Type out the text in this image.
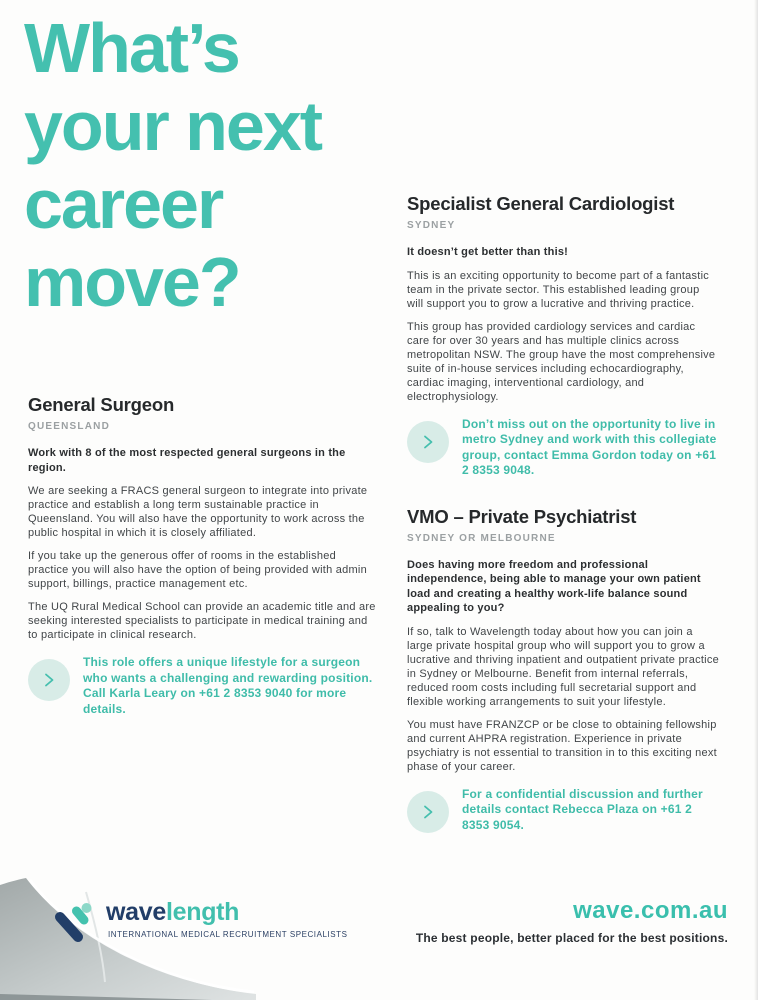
What’s
your next
career
move?
General Surgeon
QUEENSLAND
Work with 8 of the most respected general surgeons in the region.

We are seeking a FRACS general surgeon to integrate into private practice and establish a long term sustainable practice in Queensland. You will also have the opportunity to work across the public hospital in which it is closely affiliated.

If you take up the generous offer of rooms in the established practice you will also have the option of being provided with admin support, billings, practice management etc.

The UQ Rural Medical School can provide an academic title and are seeking interested specialists to participate in medical training and to participate in clinical research.

This role offers a unique lifestyle for a surgeon who wants a challenging and rewarding position. Call Karla Leary on +61 2 8353 9040 for more details.

Specialist General Cardiologist
SYDNEY
It doesn’t get better than this!

This is an exciting opportunity to become part of a fantastic team in the private sector. This established leading group will support you to grow a lucrative and thriving practice.

This group has provided cardiology services and cardiac care for over 30 years and has multiple clinics across metropolitan NSW. The group have the most comprehensive suite of in-house services including echocardiography, cardiac imaging, interventional cardiology, and electrophysiology.

Don’t miss out on the opportunity to live in metro Sydney and work with this collegiate group, contact Emma Gordon today on +61 2 8353 9048.

VMO – Private Psychiatrist
SYDNEY OR MELBOURNE
Does having more freedom and professional independence, being able to manage your own patient load and creating a healthy work-life balance sound appealing to you?

If so, talk to Wavelength today about how you can join a large private hospital group who will support you to grow a lucrative and thriving inpatient and outpatient private practice in Sydney or Melbourne. Benefit from internal referrals, reduced room costs including full secretarial support and flexible working arrangements to suit your lifestyle.

You must have FRANZCP or be close to obtaining fellowship and current AHPRA registration. Experience in private psychiatry is not essential to transition in to this exciting next phase of your career.

For a confidential discussion and further details contact Rebecca Plaza on +61 2 8353 9054.

wavelength
INTERNATIONAL MEDICAL RECRUITMENT SPECIALISTS
wave.com.au
The best people, better placed for the best positions.
